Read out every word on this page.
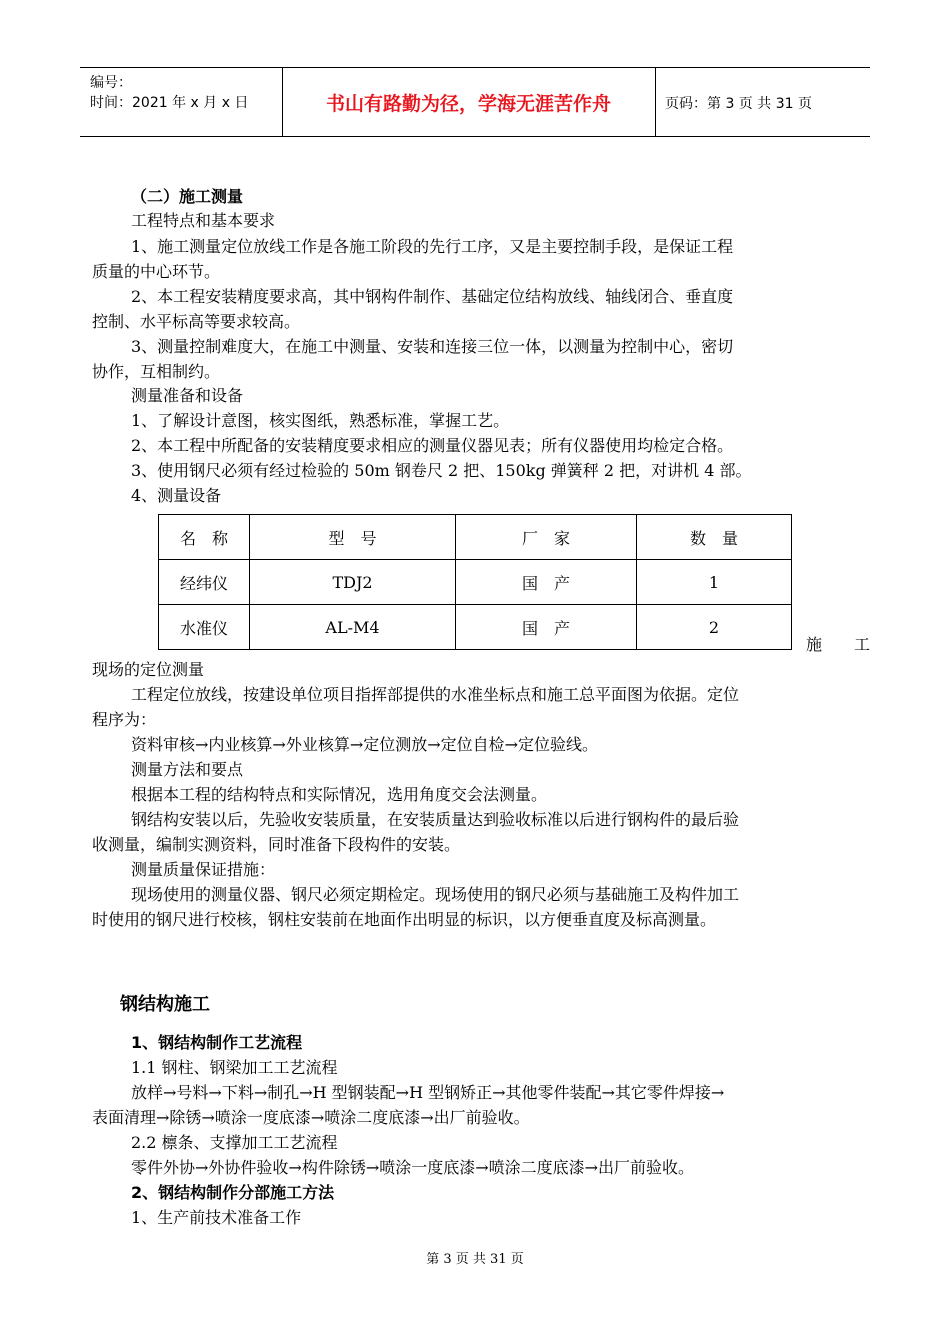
编号：
时间：2021 年 x 月 x 日	书山有路勤为径，学海无涯苦作舟	页码：第 3 页 共 31 页
（二）施工测量
工程特点和基本要求
1、施工测量定位放线工作是各施工阶段的先行工序，又是主要控制手段，是保证工程
质量的中心环节。
2、本工程安装精度要求高，其中钢构件制作、基础定位结构放线、轴线闭合、垂直度
控制、水平标高等要求较高。
3、测量控制难度大，在施工中测量、安装和连接三位一体，以测量为控制中心，密切
协作，互相制约。
测量准备和设备
1、了解设计意图，核实图纸，熟悉标准，掌握工艺。
2、本工程中所配备的安装精度要求相应的测量仪器见表；所有仪器使用均检定合格。
3、使用钢尺必须有经过检验的 50m 钢卷尺 2 把、150kg 弹簧秤 2 把，对讲机 4 部。
4、测量设备
名　称	型　号	厂　家	数　量
经纬仪	TDJ2	国　产	1
水准仪	AL-M4	国　产	2
施　　工
现场的定位测量
工程定位放线，按建设单位项目指挥部提供的水准坐标点和施工总平面图为依据。定位
程序为：
资料审核→内业核算→外业核算→定位测放→定位自检→定位验线。
测量方法和要点
根据本工程的结构特点和实际情况，选用角度交会法测量。
钢结构安装以后，先验收安装质量，在安装质量达到验收标准以后进行钢构件的最后验
收测量，编制实测资料，同时准备下段构件的安装。
测量质量保证措施：
现场使用的测量仪器、钢尺必须定期检定。现场使用的钢尺必须与基础施工及构件加工
时使用的钢尺进行校核，钢柱安装前在地面作出明显的标识，以方便垂直度及标高测量。
钢结构施工
1、钢结构制作工艺流程
1.1 钢柱、钢梁加工工艺流程
放样→号料→下料→制孔→H 型钢装配→H 型钢矫正→其他零件装配→其它零件焊接→
表面清理→除锈→喷涂一度底漆→喷涂二度底漆→出厂前验收。
2.2 檩条、支撑加工工艺流程
零件外协→外协件验收→构件除锈→喷涂一度底漆→喷涂二度底漆→出厂前验收。
2、钢结构制作分部施工方法
1、生产前技术准备工作
第 3 页 共 31 页
